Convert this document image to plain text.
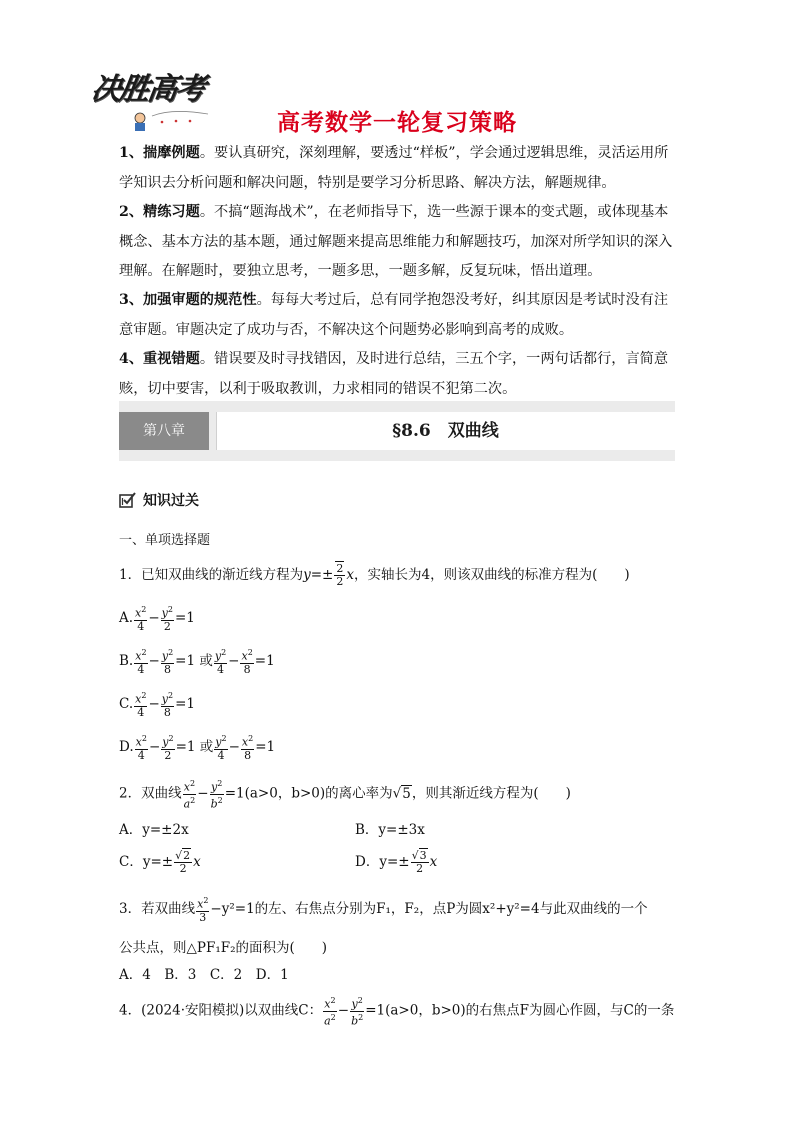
决胜高考
高考数学一轮复习策略
1、揣摩例题。要认真研究，深刻理解，要透过“样板”，学会通过逻辑思维，灵活运用所学知识去分析问题和解决问题，特别是要学习分析思路、解决方法，解题规律。
2、精练习题。不搞“题海战术”，在老师指导下，选一些源于课本的变式题，或体现基本概念、基本方法的基本题，通过解题来提高思维能力和解题技巧，加深对所学知识的深入理解。在解题时，要独立思考，一题多思，一题多解，反复玩味，悟出道理。
3、加强审题的规范性。每每大考过后，总有同学抱怨没考好，纠其原因是考试时没有注意审题。审题决定了成功与否，不解决这个问题势必影响到高考的成败。
4、重视错题。错误要及时寻找错因，及时进行总结，三五个字，一两句话都行，言简意赅，切中要害，以利于吸取教训，力求相同的错误不犯第二次。
第八章	§8.6　双曲线
知识过关
一、单项选择题
1．已知双曲线的渐近线方程为$y=\pm \frac{2}{2}$ x，实轴长为4，则该双曲线的标准方程为(　　)
A. $\frac{x^2}{4} - \frac{y^2}{2} =1$
B. $\frac{x^2}{4} - \frac{y^2}{8} =1$ 或 $\frac{y^2}{4} - \frac{x^2}{8} =1$
C. $\frac{x^2}{4} - \frac{y^2}{8} =1$
D. $\frac{x^2}{4} - \frac{y^2}{2} =1$ 或 $\frac{y^2}{4} - \frac{x^2}{8} =1$
2．双曲线 $\frac{x^2}{a^2} - \frac{y^2}{b^2} =1(a>0$，b>0)的离心率为√5，则其渐近线方程为(　　)
A．y=±2x	B．y=±3x
C．$y=\pm \frac{√2}{2}$ x	D．$y=\pm \frac{√3}{2}$ x
3．若双曲线 $\frac{x^2}{3} -y^2=1$的左、右焦点分别为F₁，F₂，点P为圆x²+y²=4与此双曲线的一个
公共点，则△PF₁F₂的面积为(　　)
A．4　B．3　C．2　D．1
4．(2024·安阳模拟)以双曲线C： $\frac{x^2}{a^2} - \frac{y^2}{b^2} =1(a>0$，b>0)的右焦点F为圆心作圆，与C的一条
